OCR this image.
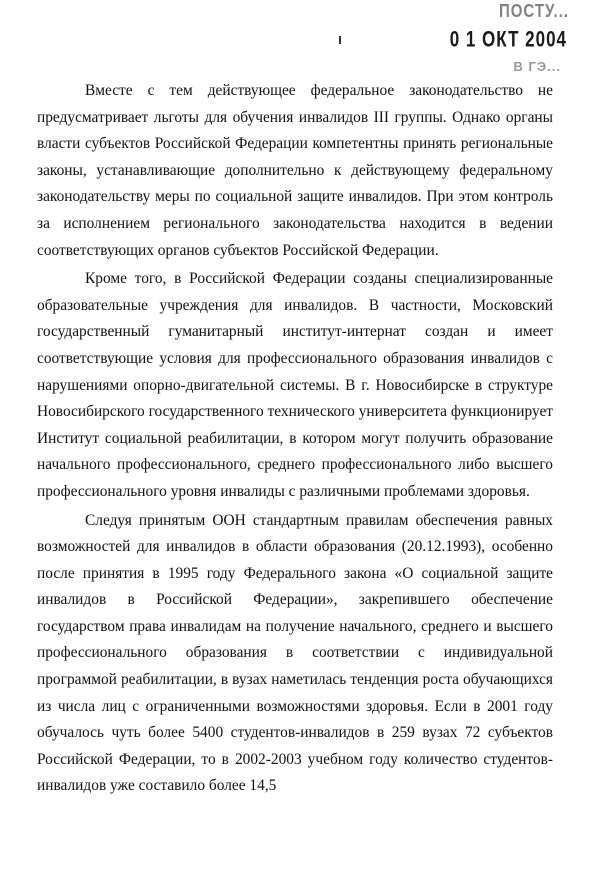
ПОСТУ...
0 1 ОКТ 2004
В ГЭ...

Вместе с тем действующее федеральное законодательство не предусматривает льготы для обучения инвалидов III группы. Однако органы власти субъектов Российской Федерации компетентны принять региональные законы, устанавливающие дополнительно к действующему федеральному законодательству меры по социальной защите инвалидов. При этом контроль за исполнением регионального законодательства находится в ведении соответствующих органов субъектов Российской Федерации.

Кроме того, в Российской Федерации созданы специализированные образовательные учреждения для инвалидов. В частности, Московский государственный гуманитарный институт-интернат создан и имеет соответствующие условия для профессионального образования инвалидов с нарушениями опорно-двигательной системы. В г. Новосибирске в структуре Новосибирского государственного технического университета функционирует Институт социальной реабилитации, в котором могут получить образование начального профессионального, среднего профессионального либо высшего профессионального уровня инвалиды с различными проблемами здоровья.

Следуя принятым ООН стандартным правилам обеспечения равных возможностей для инвалидов в области образования (20.12.1993), особенно после принятия в 1995 году Федерального закона «О социальной защите инвалидов в Российской Федерации», закрепившего обеспечение государством права инвалидам на получение начального, среднего и высшего профессионального образования в соответствии с индивидуальной программой реабилитации, в вузах наметилась тенденция роста обучающихся из числа лиц с ограниченными возможностями здоровья. Если в 2001 году обучалось чуть более 5400 студентов-инвалидов в 259 вузах 72 субъектов Российской Федерации, то в 2002-2003 учебном году количество студентов-инвалидов уже составило более 14,5
